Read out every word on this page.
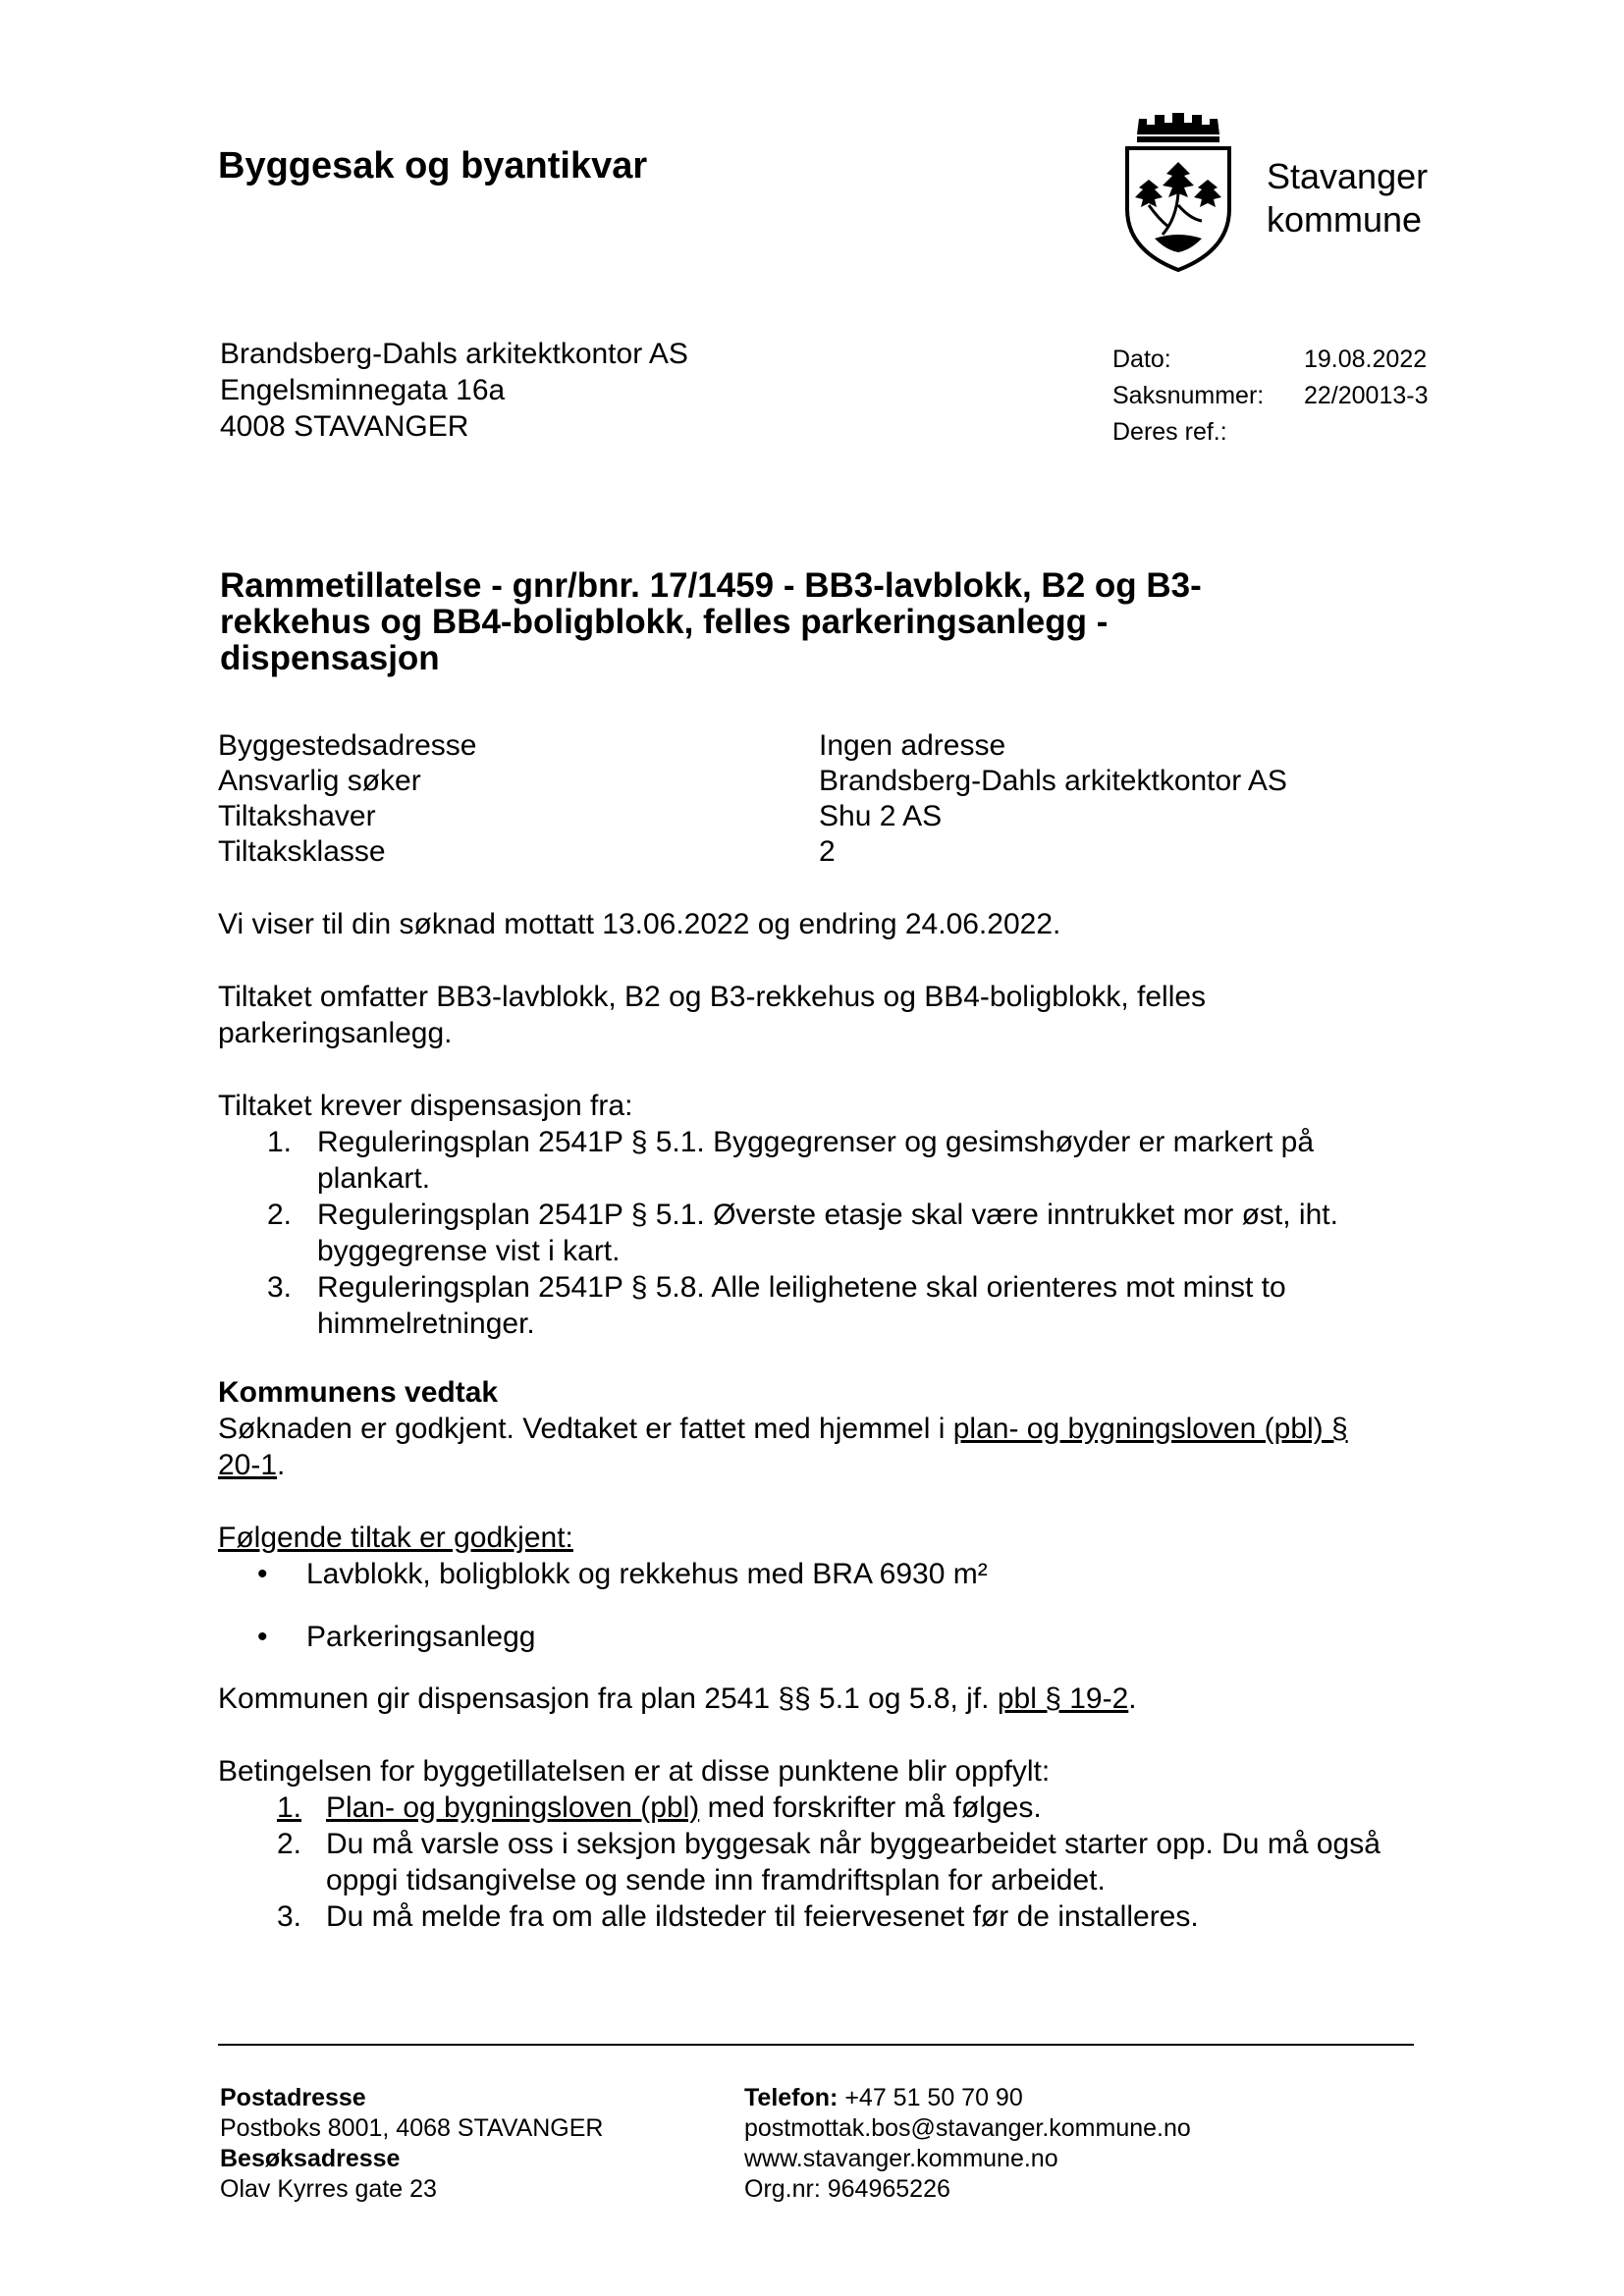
Byggesak og byantikvar	Stavanger
kommune
Brandsberg-Dahls arkitektkontor AS
Engelsminnegata 16a
4008 STAVANGER
Dato:	19.08.2022
Saksnummer:	22/20013-3
Deres ref.:
Rammetillatelse - gnr/bnr. 17/1459 - BB3-lavblokk, B2 og B3-
rekkehus og BB4-boligblokk, felles parkeringsanlegg -
dispensasjon
Byggestedsadresse	Ingen adresse
Ansvarlig søker	Brandsberg-Dahls arkitektkontor AS
Tiltakshaver	Shu 2 AS
Tiltaksklasse	2

Vi viser til din søknad mottatt 13.06.2022 og endring 24.06.2022.

Tiltaket omfatter BB3-lavblokk, B2 og B3-rekkehus og BB4-boligblokk, felles
parkeringsanlegg.

Tiltaket krever dispensasjon fra:

1. Reguleringsplan 2541P § 5.1. Byggegrenser og gesimshøyder er markert på
plankart.
2. Reguleringsplan 2541P § 5.1. Øverste etasje skal være inntrukket mor øst, iht.
byggegrense vist i kart.
3. Reguleringsplan 2541P § 5.8. Alle leilighetene skal orienteres mot minst to
himmelretninger.

Kommunens vedtak

Søknaden er godkjent. Vedtaket er fattet med hjemmel i plan- og bygningsloven (pbl) §
20-1.

Følgende tiltak er godkjent:

• Lavblokk, boligblokk og rekkehus med BRA 6930 m²
• Parkeringsanlegg

Kommunen gir dispensasjon fra plan 2541 §§ 5.1 og 5.8, jf. pbl § 19-2.

Betingelsen for byggetillatelsen er at disse punktene blir oppfylt:

1. Plan- og bygningsloven (pbl) med forskrifter må følges.
2. Du må varsle oss i seksjon byggesak når byggearbeidet starter opp. Du må også
oppgi tidsangivelse og sende inn framdriftsplan for arbeidet.
3. Du må melde fra om alle ildsteder til feiervesenet før de installeres.
Postadresse
Postboks 8001, 4068 STAVANGER
Besøksadresse
Olav Kyrres gate 23
Telefon: +47 51 50 70 90
postmottak.bos@stavanger.kommune.no
www.stavanger.kommune.no
Org.nr: 964965226
